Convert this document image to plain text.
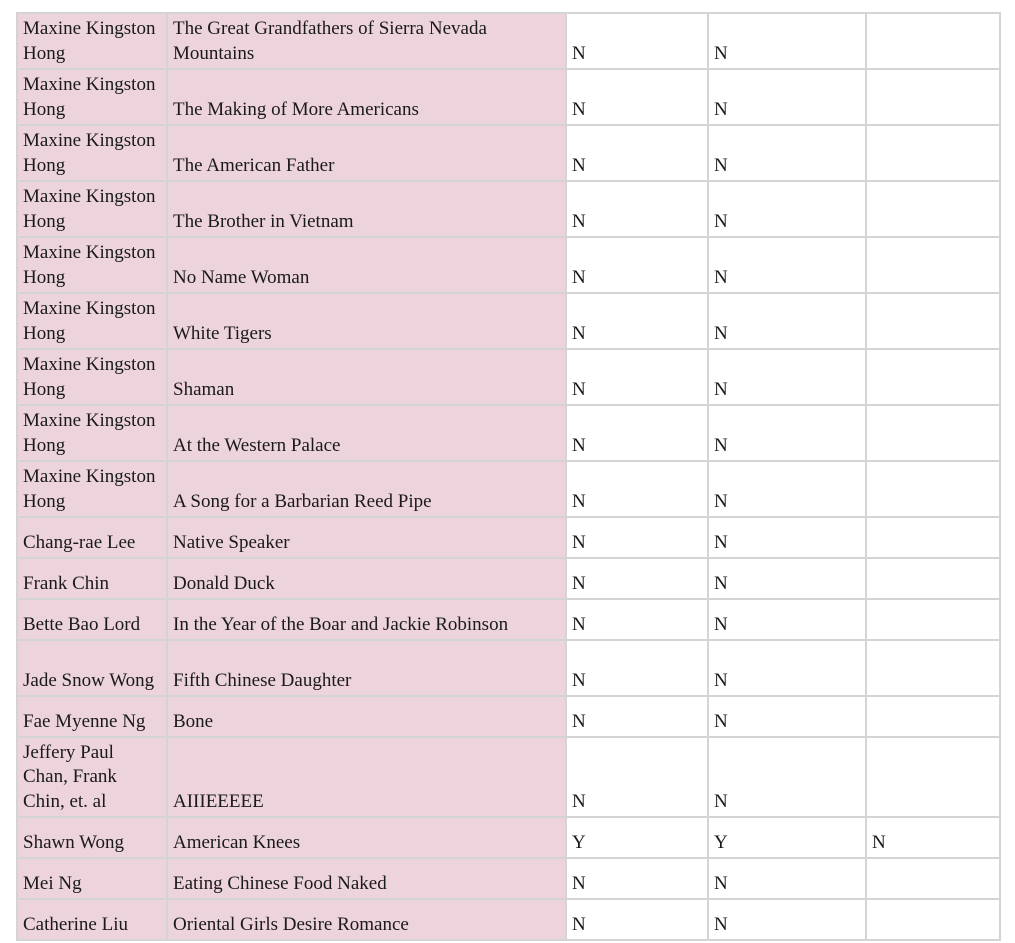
Maxine Kingston Hong	The Great Grandfathers of Sierra Nevada Mountains	N	N	
Maxine Kingston Hong	The Making of More Americans	N	N	
Maxine Kingston Hong	The American Father	N	N	
Maxine Kingston Hong	The Brother in Vietnam	N	N	
Maxine Kingston Hong	No Name Woman	N	N	
Maxine Kingston Hong	White Tigers	N	N	
Maxine Kingston Hong	Shaman	N	N	
Maxine Kingston Hong	At the Western Palace	N	N	
Maxine Kingston Hong	A Song for a Barbarian Reed Pipe	N	N	
Chang-rae Lee	Native Speaker	N	N	
Frank Chin	Donald Duck	N	N	
Bette Bao Lord	In the Year of the Boar and Jackie Robinson	N	N	
Jade Snow Wong	Fifth Chinese Daughter	N	N	
Fae Myenne Ng	Bone	N	N	
Jeffery Paul Chan, Frank Chin, et. al	AIIIEEEEE	N	N	
Shawn Wong	American Knees	Y	Y	N
Mei Ng	Eating Chinese Food Naked	N	N	
Catherine Liu	Oriental Girls Desire Romance	N	N	
